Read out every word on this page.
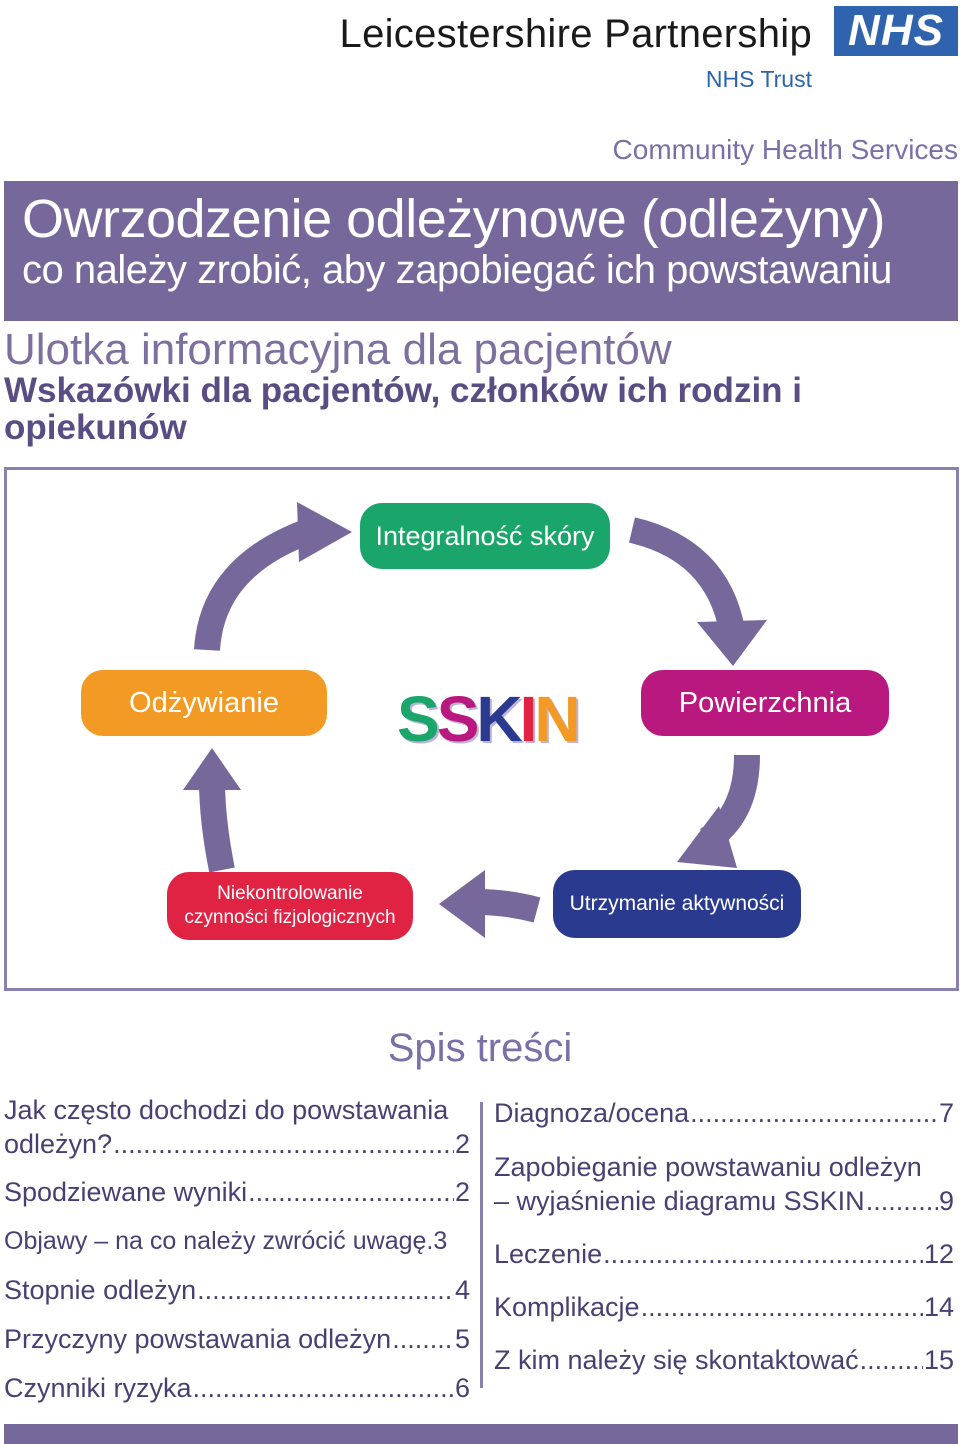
Leicestershire Partnership
NHS Trust
NHS
Community Health Services
Owrzodzenie odleżynowe (odleżyny)
co należy zrobić, aby zapobiegać ich powstawaniu
Ulotka informacyjna dla pacjentów
Wskazówki dla pacjentów, członków ich rodzin i opiekunów
Integralność skóry
Odżywianie	Powierzchnia
Niekontrolowanie czynności fizjologicznych
Utrzymanie aktywności
SSKIN
Spis treści
Jak często dochodzi do powstawania
odleżyn? .....	2
Spodziewane wyniki .....	2
Objawy – na co należy zwrócić uwagę. 3
Stopnie odleżyn .....	4
Przyczyny powstawania odleżyn ..... 5
Czynniki ryzyka .....	6
Diagnoza/ocena .....	7
Zapobieganie powstawaniu odleżyn
– wyjaśnienie diagramu SSKIN .....	9
Leczenie .....	12
Komplikacje .....	14
Z kim należy się skontaktować ..... 15
